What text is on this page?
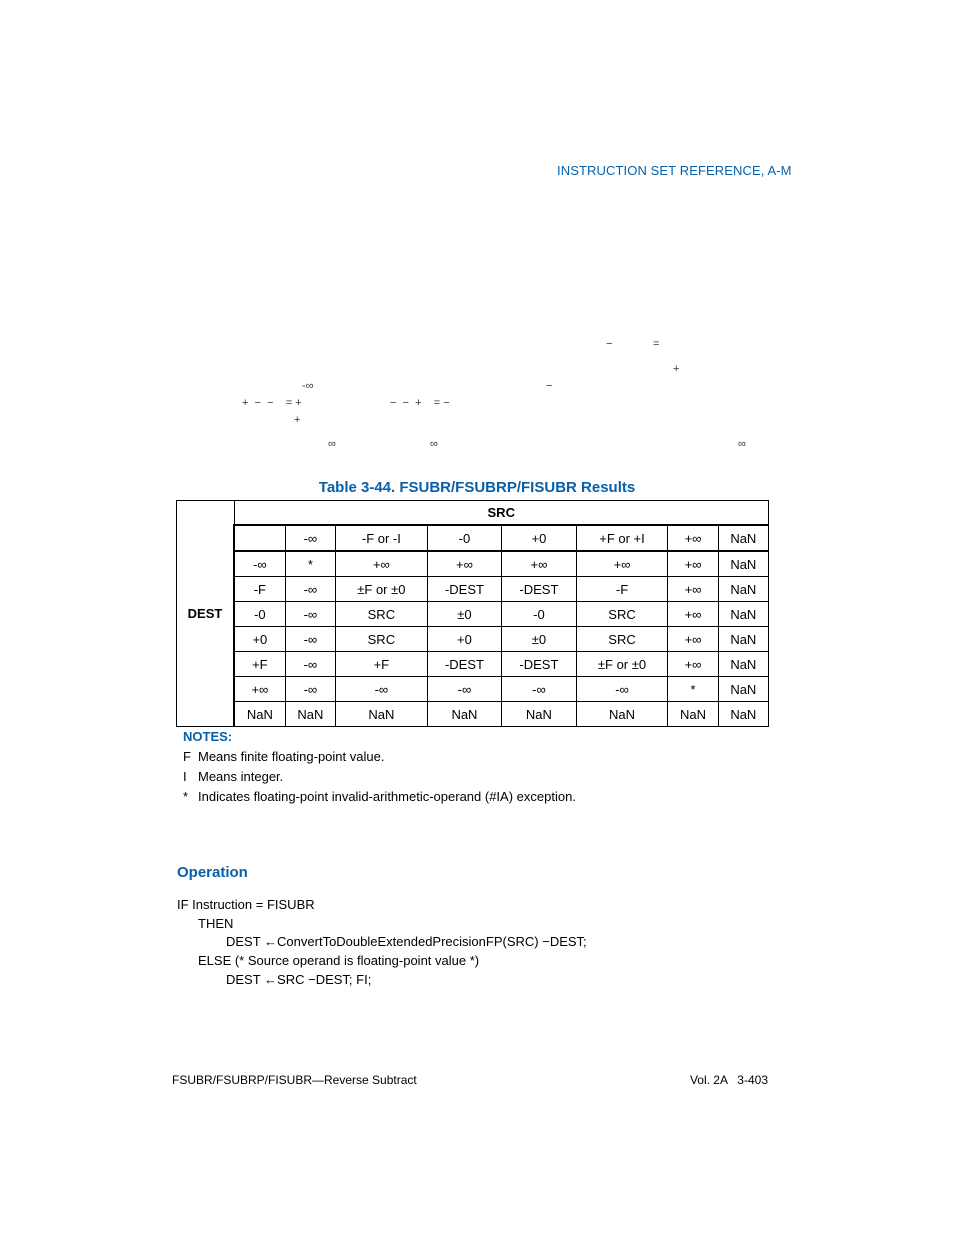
INSTRUCTION SET REFERENCE, A-M
−	=
+
-∞	−
+  −  −    = +	−  −  +    = −
+
∞	∞	∞
Table 3-44. FSUBR/FSUBRP/FISUBR Results
DEST	SRC							
		-∞	-F or -I	-0	+0	+F or +I	+∞	NaN
	-∞	*	+∞	+∞	+∞	+∞	+∞	NaN
	-F	-∞	±F or ±0	-DEST	-DEST	-F	+∞	NaN
	-0	-∞	SRC	±0	-0	SRC	+∞	NaN
	+0	-∞	SRC	+0	±0	SRC	+∞	NaN
	+F	-∞	+F	-DEST	-DEST	±F or ±0	+∞	NaN
	+∞	-∞	-∞	-∞	-∞	-∞	*	NaN
	NaN	NaN	NaN	NaN	NaN	NaN	NaN	NaN
NOTES:
F Means finite floating-point value.
I Means integer.
* Indicates floating-point invalid-arithmetic-operand (#IA) exception.
Operation
IF Instruction = FISUBR
THEN
DEST ←ConvertToDoubleExtendedPrecisionFP(SRC) −DEST;
ELSE (* Source operand is floating-point value *)
DEST ←SRC −DEST; FI;
FSUBR/FSUBRP/FISUBR—Reverse Subtract	Vol. 2A   3-403
